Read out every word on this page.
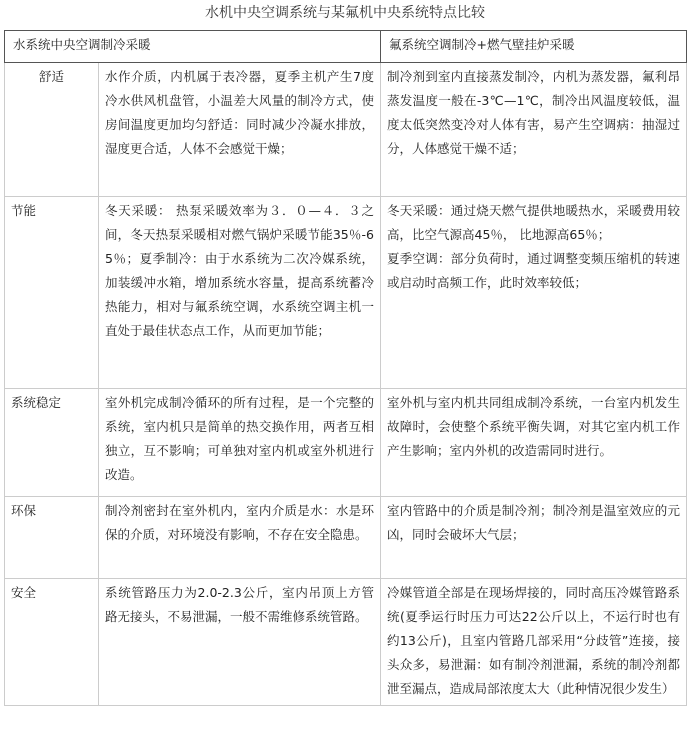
水机中央空调系统与某氟机中央系统特点比较
水系统中央空调制冷采暖		氟系统空调制冷+燃气壁挂炉采暖
舒适	水作介质，内机属于表冷器，夏季主机产生7度冷水供风机盘管，小温差大风量的制冷方式，使房间温度更加均匀舒适：同时减少冷凝水排放，湿度更合适，人体不会感觉干燥；	制冷剂到室内直接蒸发制冷，内机为蒸发器，氟利昂蒸发温度一般在-3℃—1℃，制冷出风温度较低，温度太低突然变冷对人体有害，易产生空调病：抽湿过分，人体感觉干燥不适；
节能	冬天采暖： 热泵采暖效率为３．０—４．３之间，冬天热泵采暖相对燃气锅炉采暖节能35％-65％；夏季制冷：由于水系统为二次冷媒系统，加装缓冲水箱，增加系统水容量，提高系统蓄冷热能力，相对与氟系统空调，水系统空调主机一直处于最佳状态点工作，从而更加节能；	冬天采暖：通过烧天燃气提供地暖热水，采暖费用较高，比空气源高45％， 比地源高65％；
夏季空调：部分负荷时，通过调整变频压缩机的转速或启动时高频工作，此时效率较低；

系统稳定	室外机完成制冷循环的所有过程，是一个完整的系统，室内机只是简单的热交换作用，两者互相独立，互不影响；可单独对室内机或室外机进行改造。	室外机与室内机共同组成制冷系统，一台室内机发生故障时，会使整个系统平衡失调，对其它室内机工作产生影响；室内外机的改造需同时进行。
环保	制冷剂密封在室外机内，室内介质是水：水是环保的介质，对环境没有影响，不存在安全隐患。	室内管路中的介质是制冷剂；制冷剂是温室效应的元凶，同时会破坏大气层；
安全	系统管路压力为2.0-2.3公斤，室内吊顶上方管路无接头，不易泄漏，一般不需维修系统管路。	冷媒管道全部是在现场焊接的，同时高压冷媒管路系统(夏季运行时压力可达22公斤以上，不运行时也有约13公斤)，且室内管路几部采用“分歧管”连接，接头众多，易泄漏：如有制冷剂泄漏，系统的制冷剂都泄至漏点，造成局部浓度太大（此种情况很少发生）
